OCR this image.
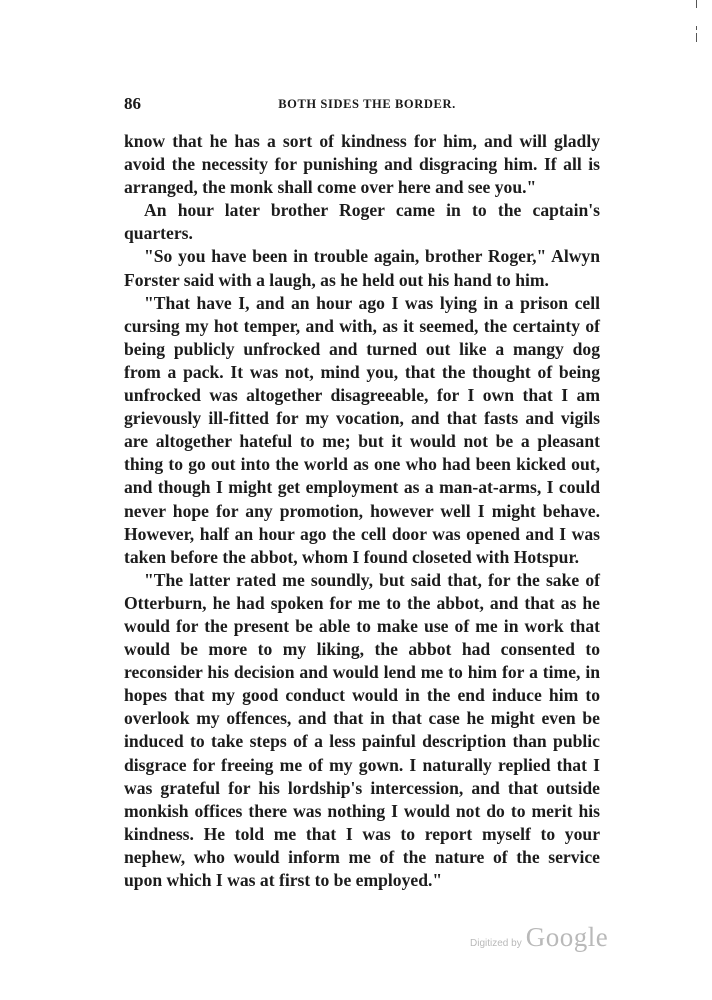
86	BOTH SIDES THE BORDER.

know that he has a sort of kindness for him, and will gladly avoid the necessity for punishing and disgracing him. If all is arranged, the monk shall come over here and see you."

An hour later brother Roger came in to the captain's quarters.

"So you have been in trouble again, brother Roger," Alwyn Forster said with a laugh, as he held out his hand to him.

"That have I, and an hour ago I was lying in a prison cell cursing my hot temper, and with, as it seemed, the certainty of being publicly unfrocked and turned out like a mangy dog from a pack. It was not, mind you, that the thought of being unfrocked was altogether disagreeable, for I own that I am grievously ill-fitted for my vocation, and that fasts and vigils are altogether hateful to me; but it would not be a pleasant thing to go out into the world as one who had been kicked out, and though I might get employment as a man-at-arms, I could never hope for any promotion, however well I might behave. However, half an hour ago the cell door was opened and I was taken before the abbot, whom I found closeted with Hotspur.

"The latter rated me soundly, but said that, for the sake of Otterburn, he had spoken for me to the abbot, and that as he would for the present be able to make use of me in work that would be more to my liking, the abbot had consented to reconsider his decision and would lend me to him for a time, in hopes that my good conduct would in the end induce him to overlook my offences, and that in that case he might even be induced to take steps of a less painful description than public disgrace for freeing me of my gown. I naturally replied that I was grateful for his lordship's intercession, and that outside monkish offices there was nothing I would not do to merit his kindness. He told me that I was to report myself to your nephew, who would inform me of the nature of the service upon which I was at first to be employed."

Digitized by Google
